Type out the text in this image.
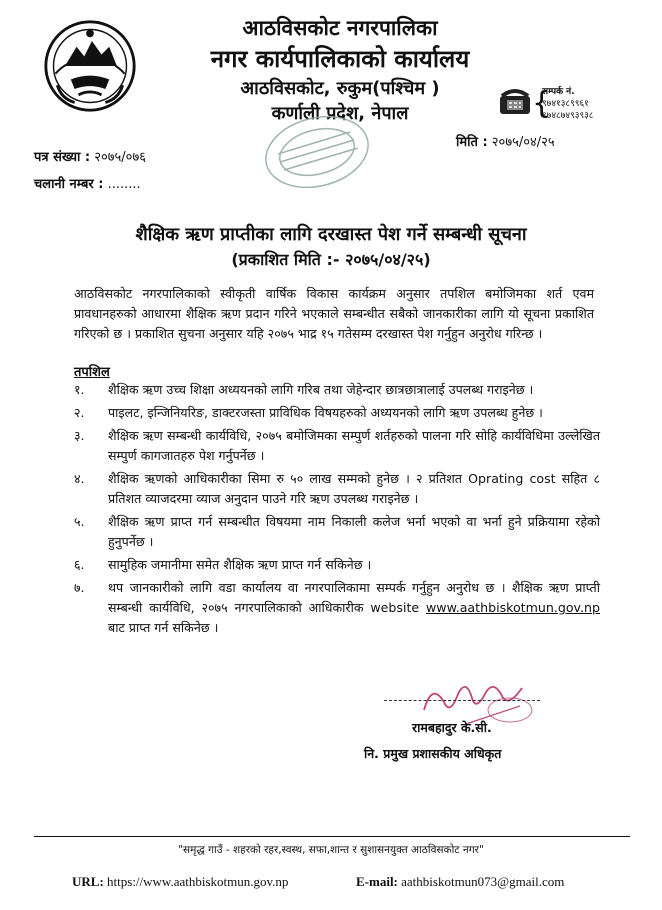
आठविसकोट नगरपालिका
नगर कार्यपालिकाको कार्यालय
आठविसकोट, रुकुम(पश्चिम )
कर्णाली प्रदेश, नेपाल	{
सम्पर्क नं.
९७४१३८९९६१
९७४८७४९३९३८
मिति : २०७५/०४/२५
पत्र संख्या : २०७५/०७६
चलानी नम्बर : ........
शैक्षिक ऋण प्राप्तीका लागि दरखास्त पेश गर्ने सम्बन्धी सूचना
(प्रकाशित मिति :- २०७५/०४/२५)
आठविसकोट नगरपालिकाको स्वीकृती वार्षिक विकास कार्यक्रम अनुसार तपशिल बमोजिमका शर्त एवम प्रावधानहरुको आधारमा शैक्षिक ऋण प्रदान गरिने भएकाले सम्बन्धीत सबैको जानकारीका लागि यो सूचना प्रकाशित गरिएको छ । प्रकाशित सुचना अनुसार यहि २०७५ भाद्र १५ गतेसम्म दरखास्त पेश गर्नुहुन अनुरोध गरिन्छ ।
तपशिल
१. शैक्षिक ऋण उच्च शिक्षा अध्ययनको लागि गरिब तथा जेहेन्दार छात्रछात्रालाई उपलब्ध गराइनेछ ।
२. पाइलट, इन्जिनियरिङ, डाक्टरजस्ता प्राविधिक विषयहरुको अध्ययनको लागि ऋण उपलब्ध हुनेछ ।
३. शैक्षिक ऋण सम्बन्धी कार्यविधि, २०७५ बमोजिमका सम्पुर्ण शर्तहरुको पालना गरि सोहि कार्यविधिमा उल्लेखित सम्पुर्ण कागजातहरु पेश गर्नुपर्नेछ ।
४. शैक्षिक ऋणको आधिकारीका सिमा रु ५० लाख सम्मको हुनेछ । २ प्रतिशत Oprating cost सहित ८ प्रतिशत व्याजदरमा व्याज अनुदान पाउने गरि ऋण उपलब्ध गराइनेछ ।
५. शैक्षिक ऋण प्राप्त गर्न सम्बन्धीत विषयमा नाम निकाली कलेज भर्ना भएको वा भर्ना हुने प्रक्रियामा रहेको हुनुपर्नेछ ।
६. सामुहिक जमानीमा समेत शैक्षिक ऋण प्राप्त गर्न सकिनेछ ।
७. थप जानकारीको लागि वडा कार्यालय वा नगरपालिकामा सम्पर्क गर्नुहुन अनुरोध छ । शैक्षिक ऋण प्राप्ती सम्बन्धी कार्यविधि, २०७५ नगरपालिकाको आधिकारीक website www.aathbiskotmun.gov.np बाट प्राप्त गर्न सकिनेछ ।
रामबहादुर के.सी.
नि. प्रमुख प्रशासकीय अधिकृत
"समृद्ध गाउँ - शहरको रहर,स्वस्थ, सफा,शान्त र सुशासनयुक्त आठविसकोट नगर"
URL: https://www.aathbiskotmun.gov.np	E-mail: aathbiskotmun073@gmail.com
